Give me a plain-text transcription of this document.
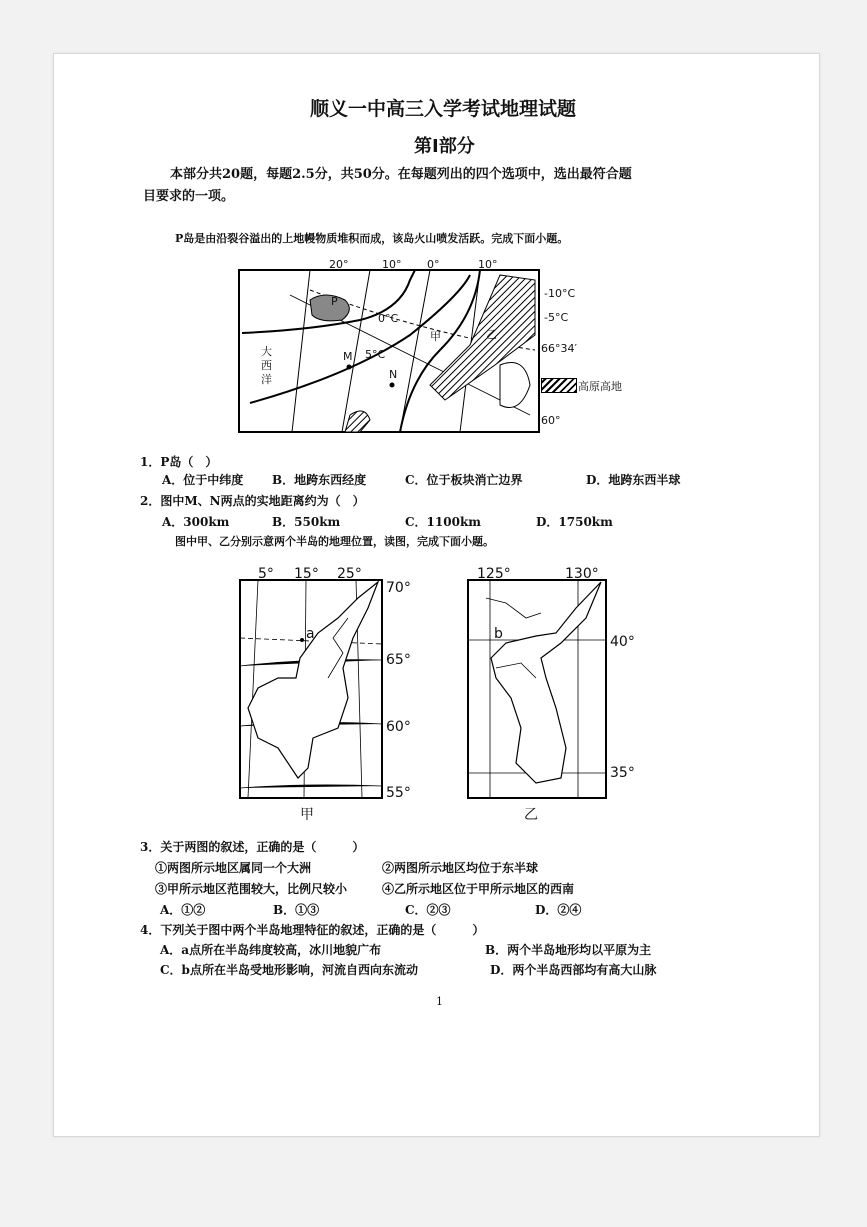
顺义一中高三入学考试地理试题
第Ⅰ部分
本部分共20题，每题2.5分，共50分。在每题列出的四个选项中，选出最符合题
目要求的一项。
P岛是由沿裂谷溢出的上地幔物质堆积而成，该岛火山喷发活跃。完成下面小题。
20°	10° 0°	10°
0°C
5°C
-10°C
-5°C
66°34′
60°
P
M
N
甲	乙
大西洋
高原高地
1．P岛（　）
A．位于中纬度 B．地跨东西经度	C．位于板块消亡边界	D．地跨东西半球
2．图中M、N两点的实地距离约为（　）
A．300km	B．550km	C．1100km	D．1750km
图中甲、乙分别示意两个半岛的地理位置，读图，完成下面小题。
5° 15° 25°
70°
65°
60°
55°
a
甲
125°	130°
40°
35°
b
乙
3．关于两图的叙述，正确的是（　　　）
①两图所示地区属同一个大洲	②两图所示地区均位于东半球
③甲所示地区范围较大，比例尺较小	④乙所示地区位于甲所示地区的西南
A．①②	B．①③	C．②③	D．②④
4．下列关于图中两个半岛地理特征的叙述，正确的是（　　　）
A．a点所在半岛纬度较高，冰川地貌广布	B．两个半岛地形均以平原为主
C．b点所在半岛受地形影响，河流自西向东流动	D．两个半岛西部均有高大山脉
1
